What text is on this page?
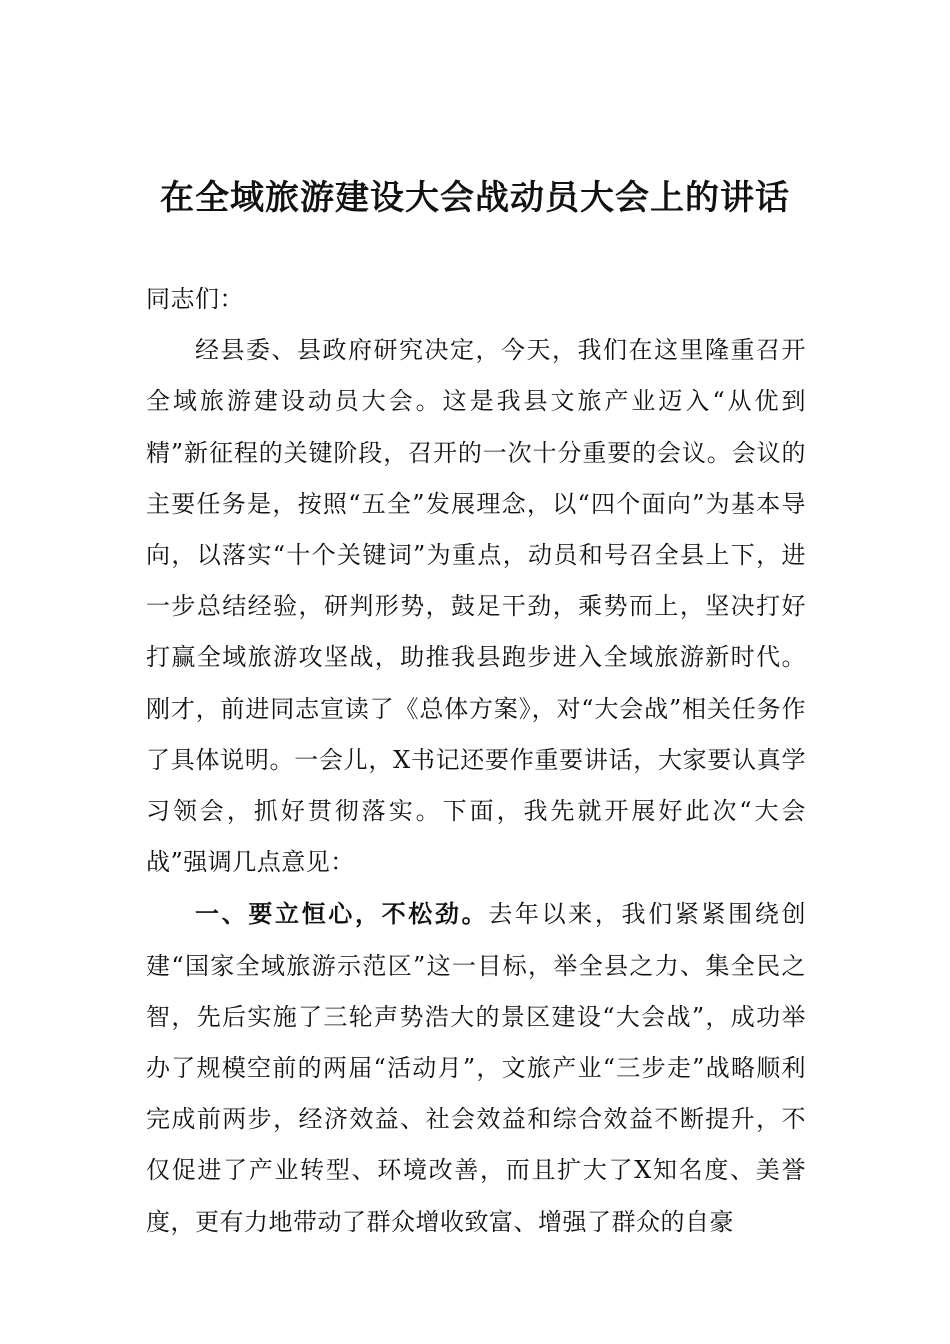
在全域旅游建设大会战动员大会上的讲话

同志们：

经县委、县政府研究决定，今天，我们在这里隆重召开全域旅游建设动员大会。这是我县文旅产业迈入“从优到精”新征程的关键阶段，召开的一次十分重要的会议。会议的主要任务是，按照“五全”发展理念，以“四个面向”为基本导向，以落实“十个关键词”为重点，动员和号召全县上下，进一步总结经验，研判形势，鼓足干劲，乘势而上，坚决打好打赢全域旅游攻坚战，助推我县跑步进入全域旅游新时代。刚才，前进同志宣读了《总体方案》，对“大会战”相关任务作了具体说明。一会儿，X书记还要作重要讲话，大家要认真学习领会，抓好贯彻落实。下面，我先就开展好此次“大会战”强调几点意见：

一、要立恒心，不松劲。去年以来，我们紧紧围绕创建“国家全域旅游示范区”这一目标，举全县之力、集全民之智，先后实施了三轮声势浩大的景区建设“大会战”，成功举办了规模空前的两届“活动月”，文旅产业“三步走”战略顺利完成前两步，经济效益、社会效益和综合效益不断提升，不仅促进了产业转型、环境改善，而且扩大了X知名度、美誉度，更有力地带动了群众增收致富、增强了群众的自豪
